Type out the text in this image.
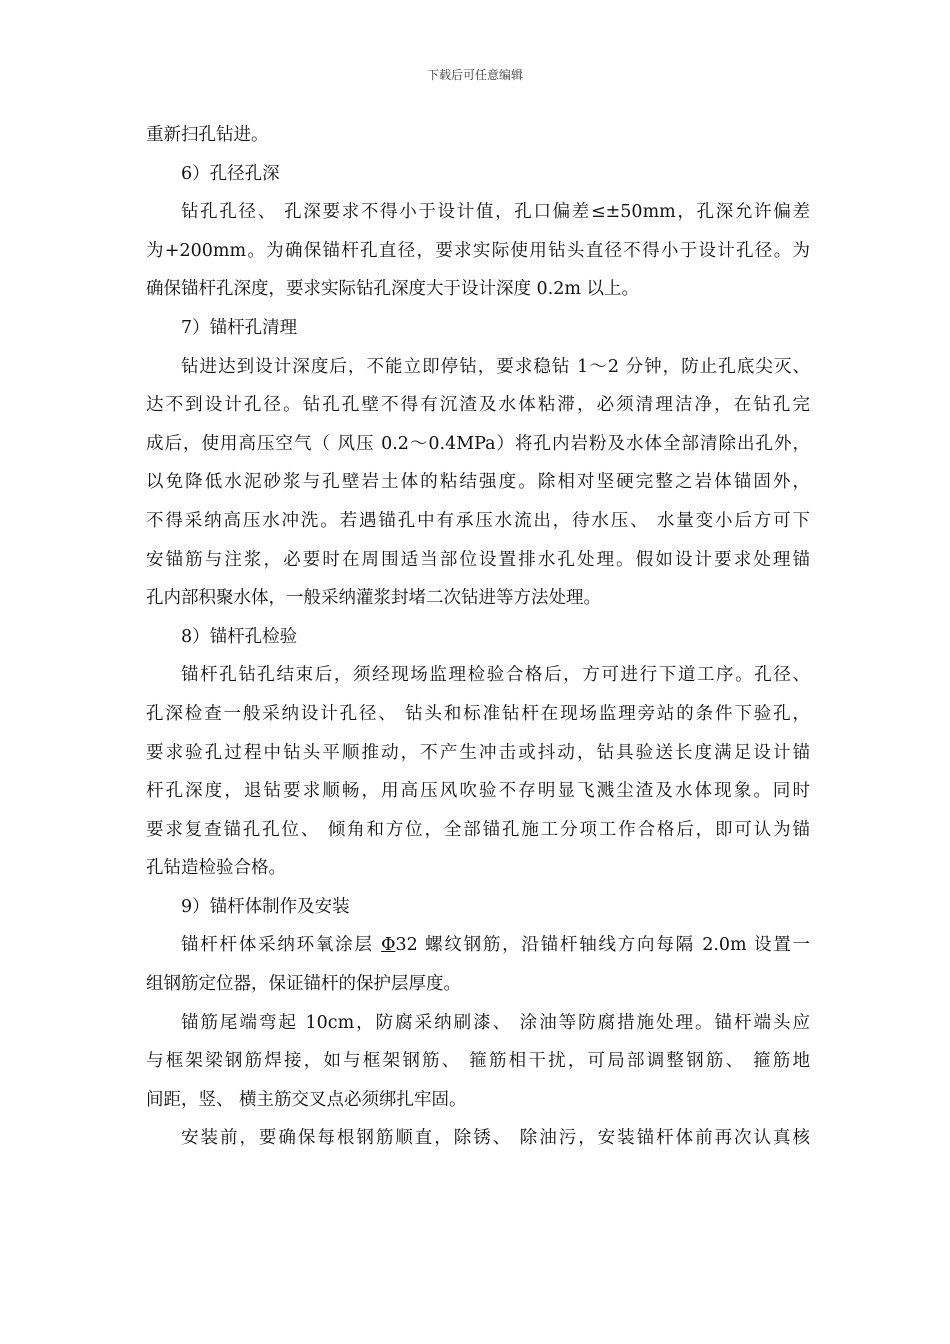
下载后可任意编辑

重新扫孔钻进。

6）孔径孔深

钻孔孔径、 孔深要求不得小于设计值，孔口偏差≤±50mm，孔深允许偏差
为+200mm。为确保锚杆孔直径，要求实际使用钻头直径不得小于设计孔径。为
确保锚杆孔深度，要求实际钻孔深度大于设计深度 0.2m 以上。

7）锚杆孔清理

钻进达到设计深度后，不能立即停钻，要求稳钻 1～2 分钟，防止孔底尖灭、
达不到设计孔径。钻孔孔壁不得有沉渣及水体粘滞，必须清理洁净，在钻孔完
成后，使用高压空气（ 风压 0.2～0.4MPa）将孔内岩粉及水体全部清除出孔外，
以免降低水泥砂浆与孔壁岩土体的粘结强度。除相对坚硬完整之岩体锚固外，
不得采纳高压水冲洗。若遇锚孔中有承压水流出，待水压、 水量变小后方可下
安锚筋与注浆，必要时在周围适当部位设置排水孔处理。假如设计要求处理锚
孔内部积聚水体，一般采纳灌浆封堵二次钻进等方法处理。

8）锚杆孔检验

锚杆孔钻孔结束后，须经现场监理检验合格后，方可进行下道工序。孔径、
孔深检查一般采纳设计孔径、 钻头和标准钻杆在现场监理旁站的条件下验孔，
要求验孔过程中钻头平顺推动，不产生冲击或抖动，钻具验送长度满足设计锚
杆孔深度，退钻要求顺畅，用高压风吹验不存明显飞溅尘渣及水体现象。同时
要求复查锚孔孔位、 倾角和方位，全部锚孔施工分项工作合格后，即可认为锚
孔钻造检验合格。

9）锚杆体制作及安装

锚杆杆体采纳环氧涂层 Φ32 螺纹钢筋，沿锚杆轴线方向每隔 2.0m 设置一
组钢筋定位器，保证锚杆的保护层厚度。

锚筋尾端弯起 10cm，防腐采纳刷漆、 涂油等防腐措施处理。锚杆端头应
与框架梁钢筋焊接，如与框架钢筋、 箍筋相干扰，可局部调整钢筋、 箍筋地
间距，竖、 横主筋交叉点必须绑扎牢固。

安装前，要确保每根钢筋顺直，除锈、 除油污，安装锚杆体前再次认真核
